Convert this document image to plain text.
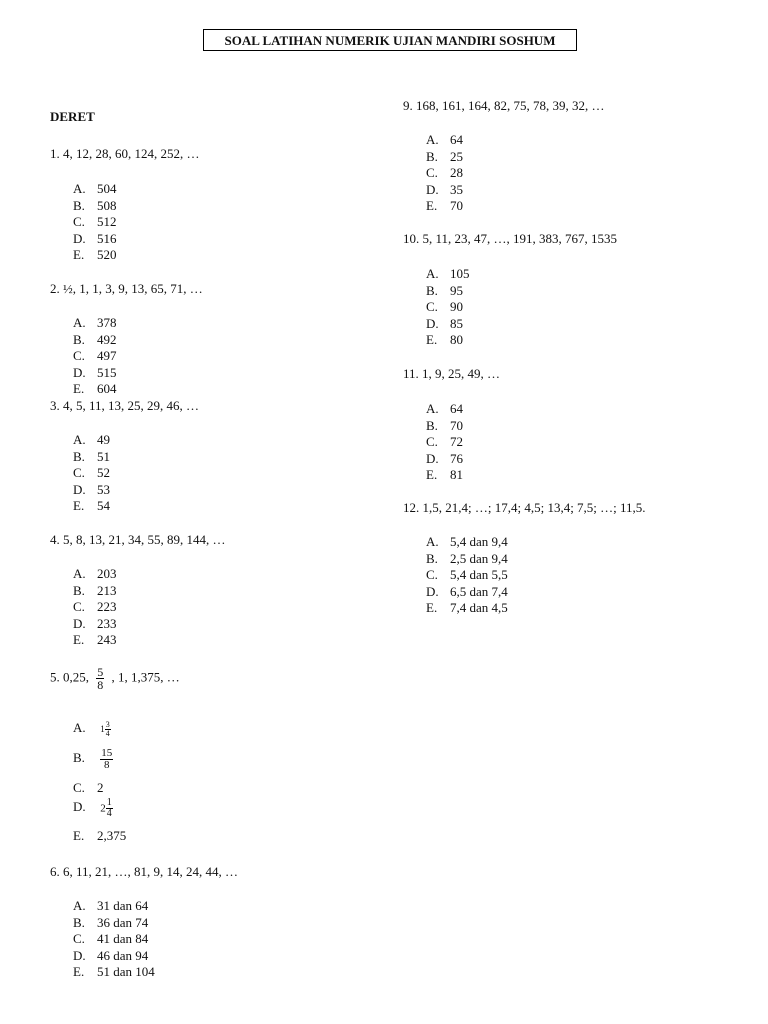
SOAL LATIHAN NUMERIK UJIAN MANDIRI SOSHUM
DERET
1. 4, 12, 28, 60, 124, 252, …
A. 504
B. 508
C. 512
D. 516
E. 520
2. ½, 1, 1, 3, 9, 13, 65, 71, …
A. 378
B. 492
C. 497
D. 515
E. 604
3. 4, 5, 11, 13, 25, 29, 46, …
A. 49
B. 51
C. 52
D. 53
E. 54
4. 5, 8, 13, 21, 34, 55, 89, 144, …
A. 203
B. 213
C. 223
D. 233
E. 243
5. 0,25, $\frac{5}{8}$ , 1, 1,375, …
A. $1 \frac{3}{4}$
B. $\frac{15}{8}$
C. 2
D. $2 \frac{1}{4}$
E. 2,375
6. 6, 11, 21, …, 81, 9, 14, 24, 44, …
A. 31 dan 64
B. 36 dan 74
C. 41 dan 84
D. 46 dan 94
E. 51 dan 104
9. 168, 161, 164, 82, 75, 78, 39, 32, …
A. 64
B. 25
C. 28
D. 35
E. 70
10. 5, 11, 23, 47, …, 191, 383, 767, 1535
A. 105
B. 95
C. 90
D. 85
E. 80
11. 1, 9, 25, 49, …
A. 64
B. 70
C. 72
D. 76
E. 81
12. 1,5, 21,4; …; 17,4; 4,5; 13,4; 7,5; …; 11,5.
A. 5,4 dan 9,4
B. 2,5 dan 9,4
C. 5,4 dan 5,5
D. 6,5 dan 7,4
E. 7,4 dan 4,5
